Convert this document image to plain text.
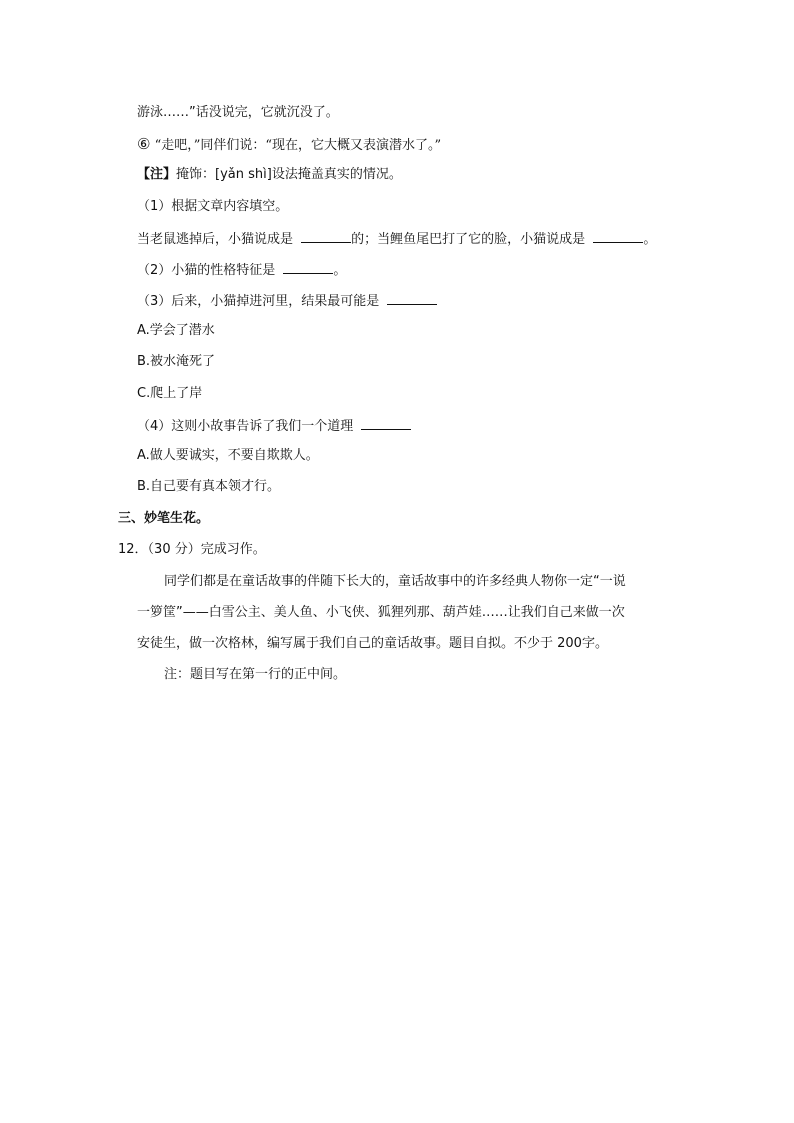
游泳……”话没说完，它就沉没了。
⑥ “走吧，”同伴们说：“现在，它大概又表演潜水了。”
【注】掩饰：[yǎn shì]设法掩盖真实的情况。
（1）根据文章内容填空。
当老鼠逃掉后，小猫说成是	的；当鲤鱼尾巴打了它的脸，小猫说成是	。
（2）小猫的性格特征是	。
（3）后来，小猫掉进河里，结果最可能是
A.学会了潜水
B.被水淹死了
C.爬上了岸
（4）这则小故事告诉了我们一个道理
A.做人要诚实，不要自欺欺人。
B.自己要有真本领才行。
三、妙笔生花。
12．（30 分）完成习作。
同学们都是在童话故事的伴随下长大的，童话故事中的许多经典人物你一定“一说
一箩筐”——白雪公主、美人鱼、小飞侠、狐狸列那、葫芦娃……让我们自己来做一次
安徒生，做一次格林，编写属于我们自己的童话故事。题目自拟。不少于 200字。
注：题目写在第一行的正中间。
